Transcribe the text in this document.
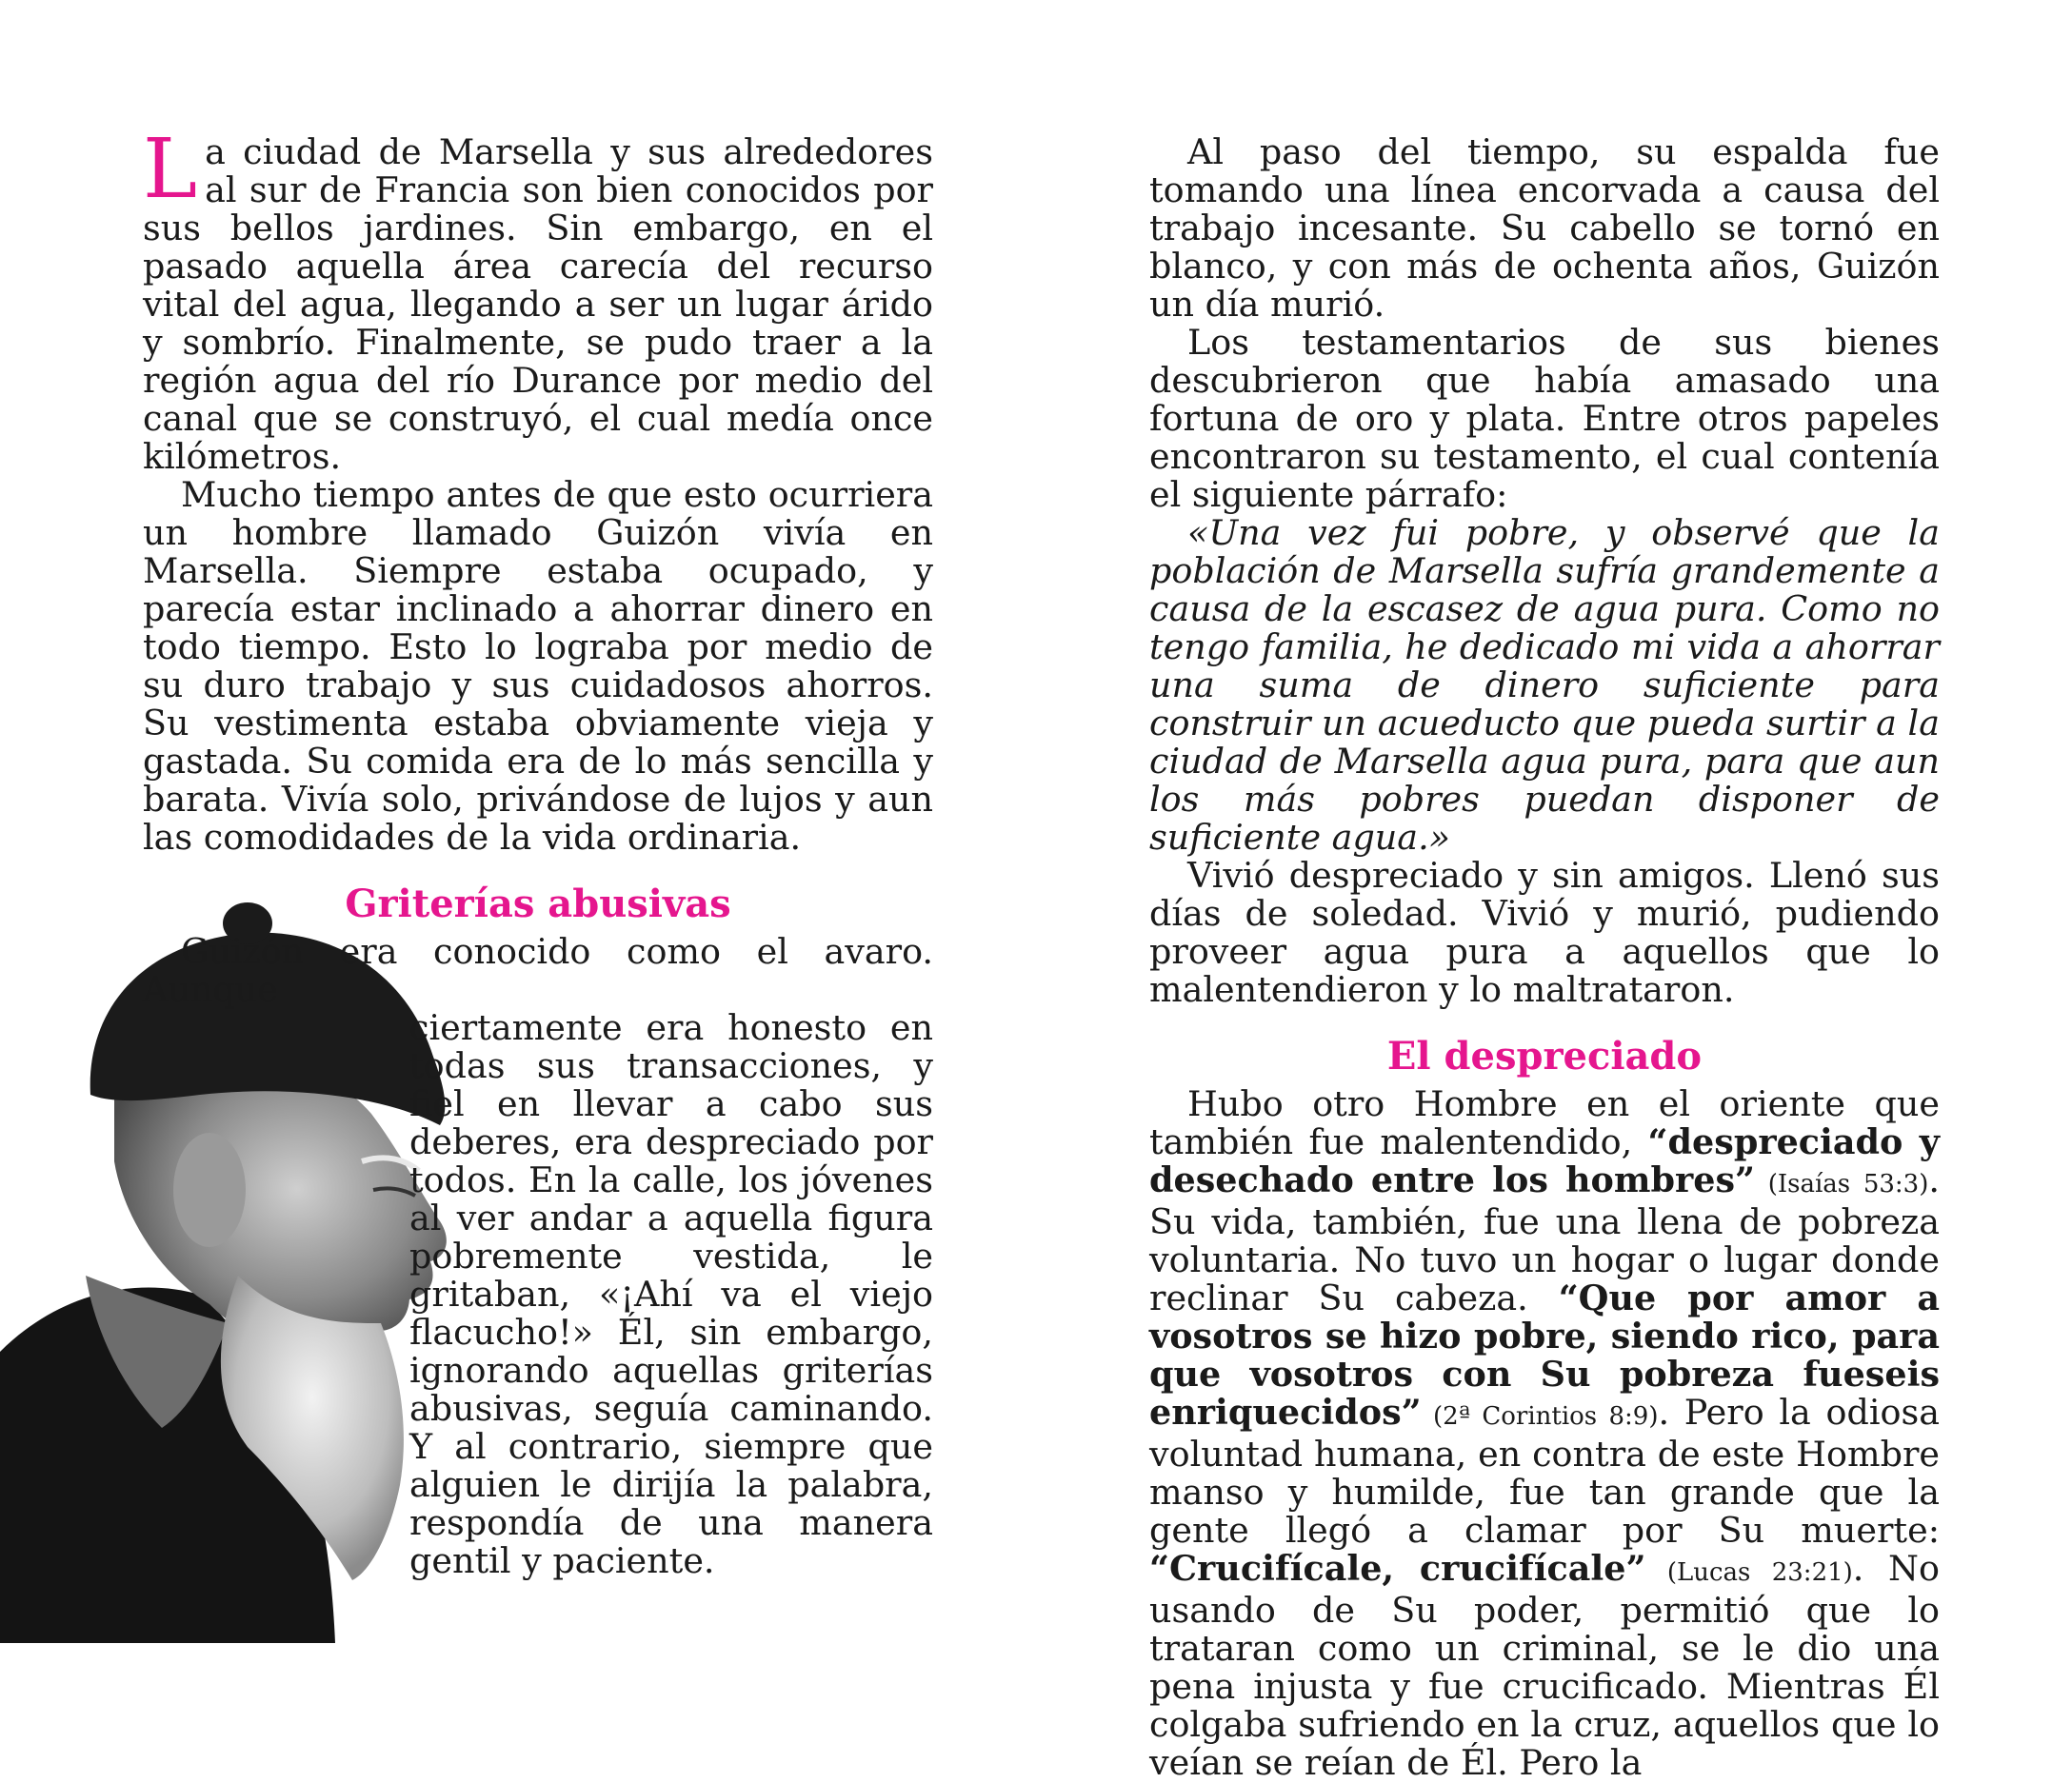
La ciudad de Marsella y sus alrededores al sur de Francia son bien conocidos por sus bellos jardines. Sin embargo, en el pasado aquella área carecía del recurso vital del agua, llegando a ser un lugar árido y sombrío. Finalmente, se pudo traer a la región agua del río Durance por medio del canal que se construyó, el cual medía once kilómetros.

Mucho tiempo antes de que esto ocurriera un hombre llamado Guizón vivía en Marsella. Siempre estaba ocupado, y parecía estar inclinado a ahorrar dinero en todo tiempo. Esto lo lograba por medio de su duro trabajo y sus cuidadosos ahorros. Su vestimenta estaba obviamente vieja y gastada. Su comida era de lo más sencilla y barata. Vivía solo, privándose de lujos y aun las comodidades de la vida ordinaria.

Griterías abusivas

Guizón era conocido como el avaro. Aunque

ciertamente era honesto en todas sus transacciones, y fiel en llevar a cabo sus deberes, era despreciado por todos. En la calle, los jóvenes al ver andar a aquella figura pobremente vestida, le gritaban, «¡Ahí va el viejo flacucho!» Él, sin embargo, ignorando aquellas griterías abusivas, seguía caminando. Y al contrario, siempre que alguien le dirijía la palabra, respondía de una manera gentil y paciente.

Al paso del tiempo, su espalda fue tomando una línea encorvada a causa del trabajo incesante. Su cabello se tornó en blanco, y con más de ochenta años, Guizón un día murió.

Los testamentarios de sus bienes descubrieron que había amasado una fortuna de oro y plata. Entre otros papeles encontraron su testamento, el cual contenía el siguiente párrafo:

«Una vez fui pobre, y observé que la población de Marsella sufría grandemente a causa de la escasez de agua pura. Como no tengo familia, he dedicado mi vida a ahorrar una suma de dinero suficiente para construir un acueducto que pueda surtir a la ciudad de Marsella agua pura, para que aun los más pobres puedan disponer de suficiente agua.»

Vivió despreciado y sin amigos. Llenó sus días de soledad. Vivió y murió, pudiendo proveer agua pura a aquellos que lo malentendieron y lo maltrataron.

El despreciado

Hubo otro Hombre en el oriente que también fue malentendido, “despreciado y desechado entre los hombres” (Isaías 53:3). Su vida, también, fue una llena de pobreza voluntaria. No tuvo un hogar o lugar donde reclinar Su cabeza. “Que por amor a vosotros se hizo pobre, siendo rico, para que vosotros con Su pobreza fueseis enriquecidos” (2ª Corintios 8:9). Pero la odiosa voluntad humana, en contra de este Hombre manso y humilde, fue tan grande que la gente llegó a clamar por Su muerte: “Crucifícale, crucifícale” (Lucas 23:21). No usando de Su poder, permitió que lo trataran como un criminal, se le dio una pena injusta y fue crucificado. Mientras Él colgaba sufriendo en la cruz, aquellos que lo veían se reían de Él. Pero la
